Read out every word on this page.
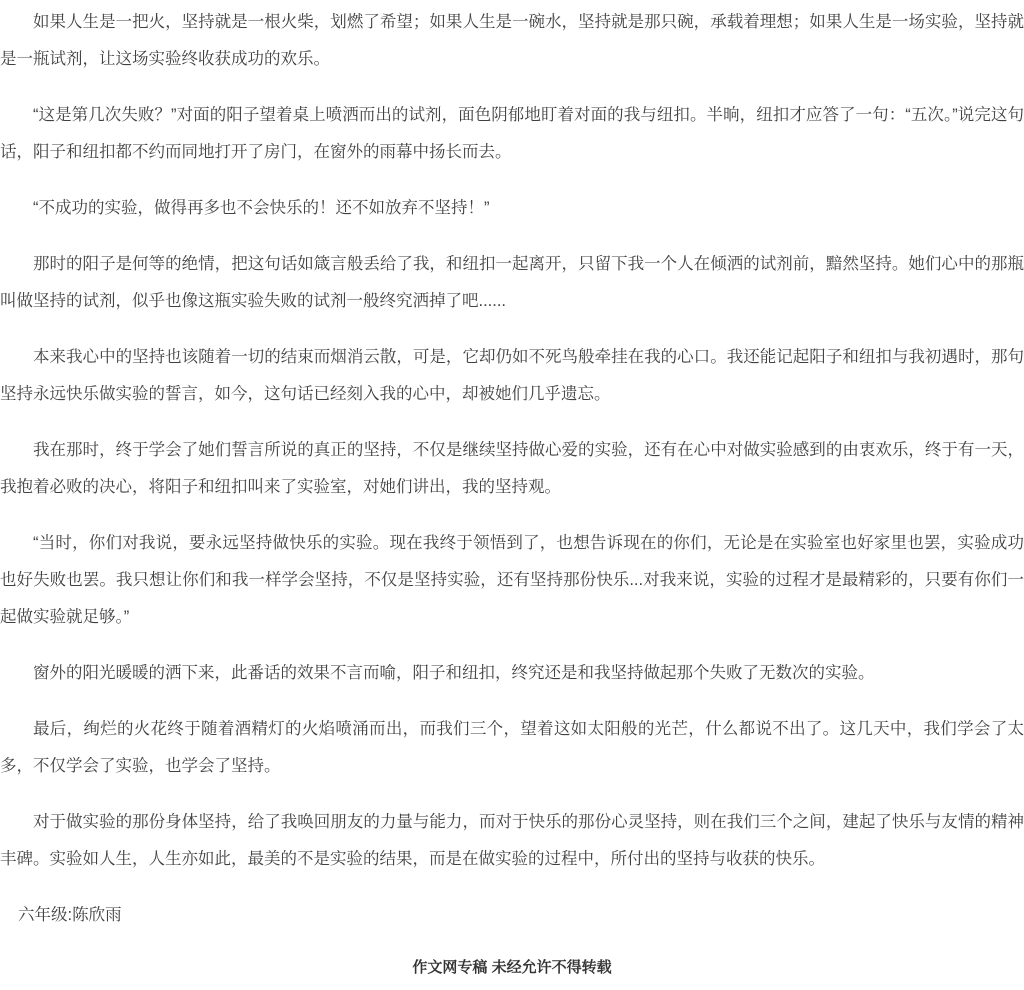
如果人生是一把火，坚持就是一根火柴，划燃了希望；如果人生是一碗水，坚持就是那只碗，承载着理想；如果人生是一场实验，坚持就是一瓶试剂，让这场实验终收获成功的欢乐。

“这是第几次失败？”对面的阳子望着桌上喷洒而出的试剂，面色阴郁地盯着对面的我与纽扣。半晌，纽扣才应答了一句：“五次。”说完这句话，阳子和纽扣都不约而同地打开了房门，在窗外的雨幕中扬长而去。

“不成功的实验，做得再多也不会快乐的！还不如放弃不坚持！”

那时的阳子是何等的绝情，把这句话如箴言般丢给了我，和纽扣一起离开，只留下我一个人在倾洒的试剂前，黯然坚持。她们心中的那瓶叫做坚持的试剂，似乎也像这瓶实验失败的试剂一般终究洒掉了吧......

本来我心中的坚持也该随着一切的结束而烟消云散，可是，它却仍如不死鸟般牵挂在我的心口。我还能记起阳子和纽扣与我初遇时，那句坚持永远快乐做实验的誓言，如今，这句话已经刻入我的心中，却被她们几乎遗忘。

我在那时，终于学会了她们誓言所说的真正的坚持，不仅是继续坚持做心爱的实验，还有在心中对做实验感到的由衷欢乐，终于有一天，我抱着必败的决心，将阳子和纽扣叫来了实验室，对她们讲出，我的坚持观。

“当时，你们对我说，要永远坚持做快乐的实验。现在我终于领悟到了，也想告诉现在的你们，无论是在实验室也好家里也罢，实验成功也好失败也罢。我只想让你们和我一样学会坚持，不仅是坚持实验，还有坚持那份快乐...对我来说，实验的过程才是最精彩的，只要有你们一起做实验就足够。”

窗外的阳光暖暖的洒下来，此番话的效果不言而喻，阳子和纽扣，终究还是和我坚持做起那个失败了无数次的实验。

最后，绚烂的火花终于随着酒精灯的火焰喷涌而出，而我们三个，望着这如太阳般的光芒，什么都说不出了。这几天中，我们学会了太多，不仅学会了实验，也学会了坚持。

对于做实验的那份身体坚持，给了我唤回朋友的力量与能力，而对于快乐的那份心灵坚持，则在我们三个之间，建起了快乐与友情的精神丰碑。实验如人生，人生亦如此，最美的不是实验的结果，而是在做实验的过程中，所付出的坚持与收获的快乐。

六年级:陈欣雨

作文网专稿 未经允许不得转载
